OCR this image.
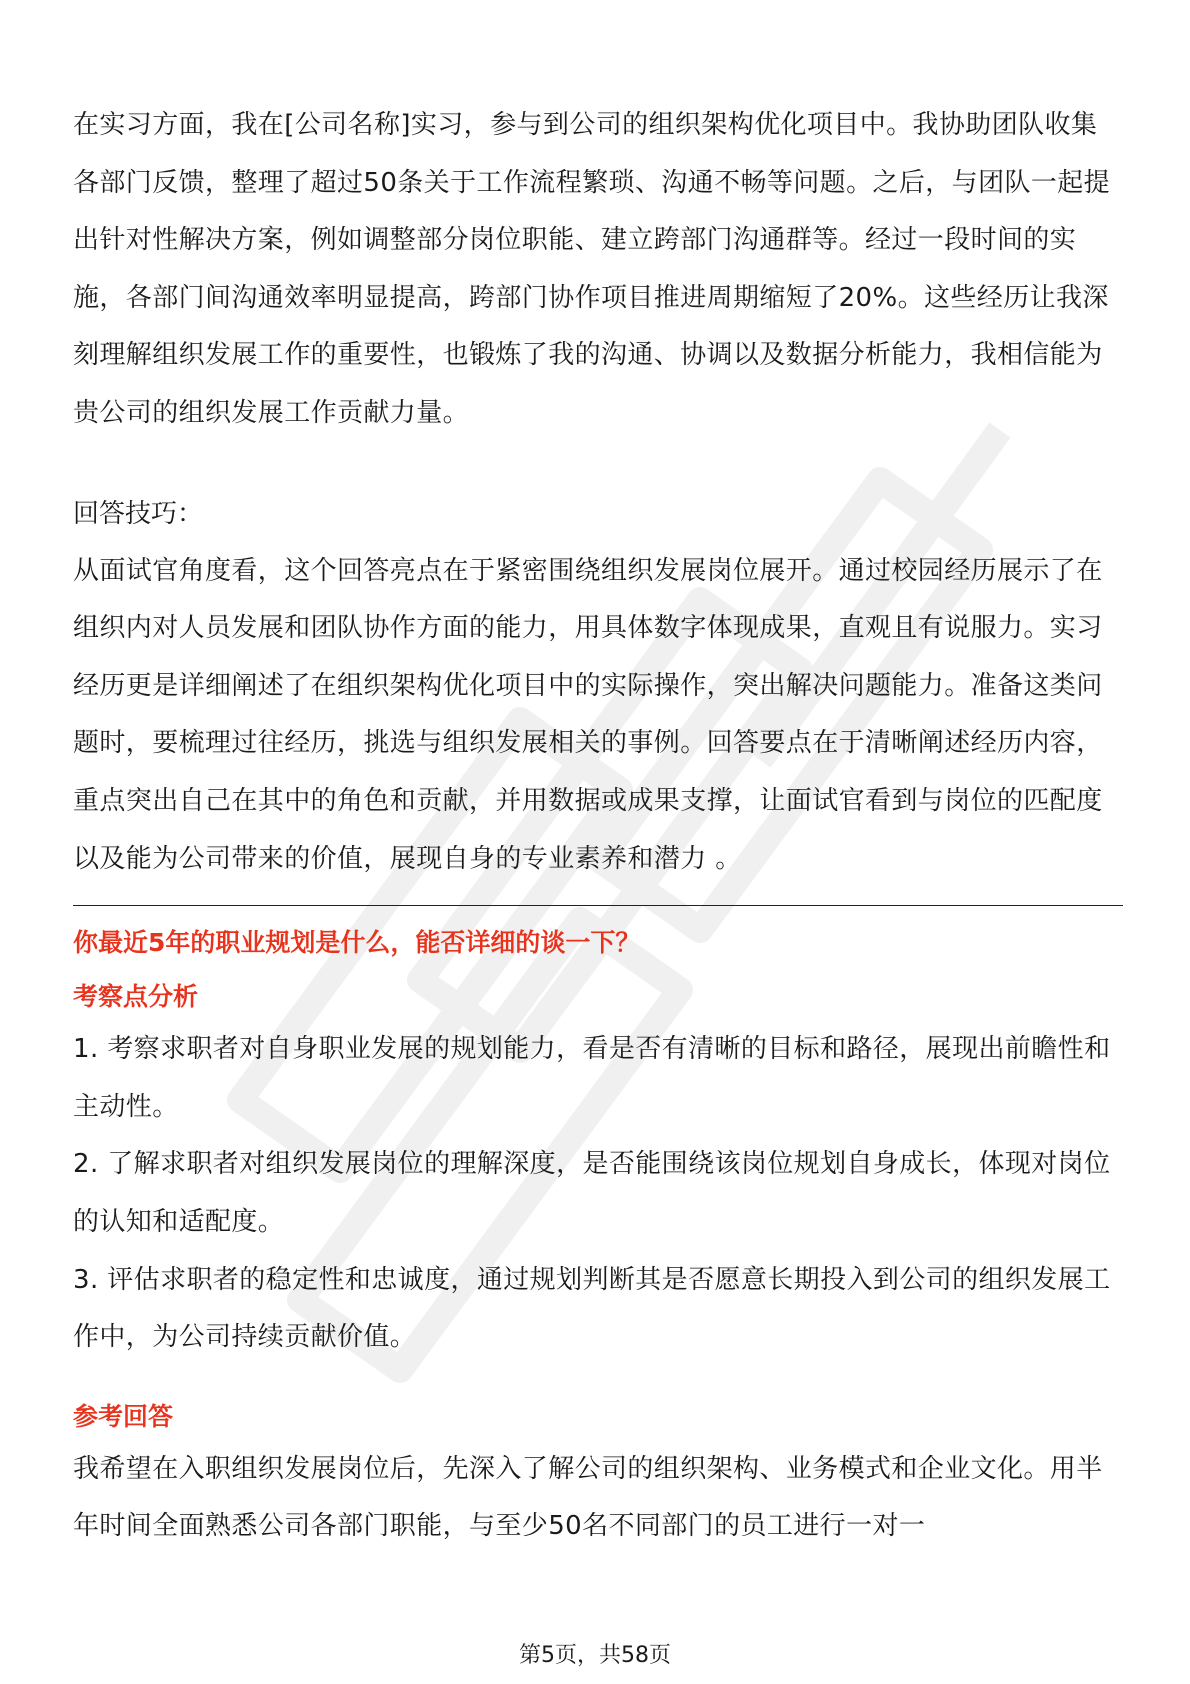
在实习方面，我在[公司名称]实习，参与到公司的组织架构优化项目中。我协助团队收集各部门反馈，整理了超过50条关于工作流程繁琐、沟通不畅等问题。之后，与团队一起提出针对性解决方案，例如调整部分岗位职能、建立跨部门沟通群等。经过一段时间的实施，各部门间沟通效率明显提高，跨部门协作项目推进周期缩短了20%。这些经历让我深刻理解组织发展工作的重要性，也锻炼了我的沟通、协调以及数据分析能力，我相信能为贵公司的组织发展工作贡献力量。

回答技巧：

从面试官角度看，这个回答亮点在于紧密围绕组织发展岗位展开。通过校园经历展示了在组织内对人员发展和团队协作方面的能力，用具体数字体现成果，直观且有说服力。实习经历更是详细阐述了在组织架构优化项目中的实际操作，突出解决问题能力。准备这类问题时，要梳理过往经历，挑选与组织发展相关的事例。回答要点在于清晰阐述经历内容，重点突出自己在其中的角色和贡献，并用数据或成果支撑，让面试官看到与岗位的匹配度以及能为公司带来的价值，展现自身的专业素养和潜力 。

你最近5年的职业规划是什么，能否详细的谈一下？

考察点分析

1. 考察求职者对自身职业发展的规划能力，看是否有清晰的目标和路径，展现出前瞻性和主动性。

2. 了解求职者对组织发展岗位的理解深度，是否能围绕该岗位规划自身成长，体现对岗位的认知和适配度。

3. 评估求职者的稳定性和忠诚度，通过规划判断其是否愿意长期投入到公司的组织发展工作中，为公司持续贡献价值。

参考回答

我希望在入职组织发展岗位后，先深入了解公司的组织架构、业务模式和企业文化。用半年时间全面熟悉公司各部门职能，与至少50名不同部门的员工进行一对一

第5页，共58页
